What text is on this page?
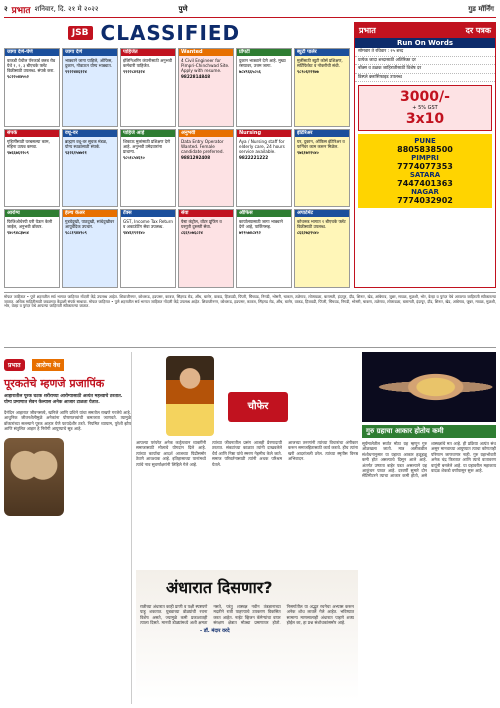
२ प्रभात शनिवार, दि. २१ मे २०२२	पुणे	गुड मॉर्निंग
JSB CLASSIFIED
जागा देणे-घेणे
वाकडी येथील पॅनकार्ड क्लब रोड येथे १, २, ३ बीएचके फ्लॅट विक्रीसाठी उपलब्ध. संपर्क करा.
९८२२०४४५५२
संपर्क
गृहिणींसाठी घरबसल्या काम, महिना उत्पन्न कमवा.
९७६६७६२२०९
आरोग्य
फिजिओथेरपी घरी येऊन केली जाईल, अनुभवी डॉक्टर.
९४०९४८३७५४
जागा देणे
भाड्याने जागा पाहिजे, ऑफिस, दुकान, गोडाऊन योग्य भाड्यात.
९९२२४४६१२४
वधू-वर
ब्राह्मण वधू-वर सूचक मंडळ, योग्य स्थळांसाठी संपर्क.
९३२६१५७७२१
हेल्थ केअर
गुडघेदुखी, पाठदुखी, सांधेदुखीवर आयुर्वेदिक उपचार.
९८८१९४४९०९
पाहिजेत
इंजिनिअरिंग कंपनीसाठी अनुभवी कर्मचारी पाहिजेत.
९९२२८४२३२४
पाहिजे आहे
शिकाऊ मुलांसाठी प्रशिक्षण देणे आहे. अनुभवी उमेदवारांना प्राधान्य.
९८५१८५४६९०
टॅक्स
GST, Income Tax Return व अकाउंटिंग सेवा उपलब्ध.
९४४६१९२१४०
Wanted
4 Civil Engineer for Pimpri-Chinchwad Site. Apply with resume.
9822814848
अनुभवी
Data Entry Operator Wanted. Female candidate preferred.
9881292408
सेवा
पेस्ट कंट्रोल, वॉटर प्रूफिंग व घरगुती दुरुस्ती सेवा.
८६६९०७६८२४
प्रॉपर्टी
दुकान भाड्याने देणे आहे. मुख्य रस्त्यावर, उत्तम जागा.
७८४९६६५८५६
Nursing
Aya / Nursing staff for elderly care, 24 hours service available.
9822221222
ऑफिस
कार्यालयासाठी जागा भाड्याने देणे आहे, पार्किंगसह.
७२९५७४८४९२
ब्युटी पार्लर
मुलींसाठी ब्युटी कोर्स प्रशिक्षण, सर्टिफिकेट व नोकरीची संधी.
९८९०६२२९७७
इंटिरिअर
घर, दुकान, ऑफिस इंटिरिअर व फर्निचर काम करून मिळेल.
९७६१७२१५४०
अपार्टमेंट
कोथरूड भागात १ बीएचके फ्लॅट विक्रीसाठी उपलब्ध.
८६६२७३९५४०
प्रभात	दर पत्रक
Run On Words
सोमवार ते रविवार : २५ शब्द
प्रत्येक जादा शब्दासाठी अतिरिक्त दर
बॉक्स व ठळक जाहिरातीसाठी विशेष दर
डिस्प्ले क्लासिफाइड उपलब्ध
3000/-
+ 5% GST
3x10
PUNE
8805838500
PIMPRI
7774077353
SATARA
7447401363
NAGAR
7774032902
मोफत जाहिरात • पुणे शहरातील सर्व भागात जाहिरात नोंदणी केंद्रे उपलब्ध आहेत. शिवाजीनगर, कोथरूड, हडपसर, कात्रज, सिंहगड रोड, औंध, बाणेर, वाकड, हिंजवडी, पिंपरी, चिंचवड, निगडी, भोसरी, चाकण, तळेगाव, लोणावळा, बारामती, इंदापूर, दौंड, शिरूर, खेड, आंबेगाव, जुन्नर, मावळ, मुळशी, भोर, वेल्हा व पुरंदर येथे आपल्या जाहिराती स्वीकारल्या जातात. अधिक माहितीसाठी जवळच्या केंद्राशी संपर्क साधावा. मोफत जाहिरात • पुणे शहरातील सर्व भागात जाहिरात नोंदणी केंद्रे उपलब्ध आहेत. शिवाजीनगर, कोथरूड, हडपसर, कात्रज, सिंहगड रोड, औंध, बाणेर, वाकड, हिंजवडी, पिंपरी, चिंचवड, निगडी, भोसरी, चाकण, तळेगाव, लोणावळा, बारामती, इंदापूर, दौंड, शिरूर, खेड, आंबेगाव, जुन्नर, मावळ, मुळशी, भोर, वेल्हा व पुरंदर येथे आपल्या जाहिराती स्वीकारल्या जातात.
प्रभात	आरोग्य वेध
पूरकतेचे म्हणजे प्रजापिंक
आहारातील पूरक घटक शरीराच्या आरोग्यासाठी अत्यंत महत्त्वाचे ठरतात. योग्य प्रमाणात सेवन केल्यास अनेक आजार टाळता येतात.
दैनंदिन आहारात जीवनसत्त्वे, खनिजे आणि प्रथिने यांचा समतोल राखणे गरजेचे आहे. आधुनिक जीवनशैलीमुळे अनेकांना पोषणतत्त्वांची कमतरता जाणवते. त्यामुळे डॉक्टरांच्या सल्ल्याने पूरक आहार घेणे फायदेशीर ठरते. नियमित व्यायाम, पुरेशी झोप आणि संतुलित आहार हे निरोगी आयुष्याचे सूत्र आहे.
चौफेर
आपल्या परंपरेत अनेक कर्तृत्ववान व्यक्तींनी समाजासाठी मोलाचे योगदान दिले आहे. त्यांच्या कार्याचा आदर्श आजच्या पिढीसमोर ठेवणे आवश्यक आहे. इतिहासाच्या पानांमध्ये त्यांचे नाव सुवर्णाक्षरांनी लिहिले गेले आहे.
त्यांच्या जीवनातील प्रसंग आजही प्रेरणादायी ठरतात. संकटांच्या काळात त्यांनी दाखवलेले धैर्य आणि निष्ठा यांचे स्मरण नेहमीच केले जाते. समाज परिवर्तनासाठी त्यांनी अथक परिश्रम घेतले.
आजच्या तरुणांनी त्यांच्या विचारांचा अंगीकार करून समाजहितासाठी कार्य करावे. हीच त्यांना खरी आदरांजली ठरेल. त्यांच्या स्मृतीस विनम्र अभिवादन.
अंधारात दिसणार?
रात्रीच्या अंधारात काही प्राणी व पक्षी स्पष्टपणे पाहू शकतात. घुबडाच्या डोळ्यांची रचना विशेष असते, ज्यामुळे कमी प्रकाशातही त्याला दिसते. मानवी डोळ्यांमध्ये अशी क्षमता नसते, परंतु शास्त्रज्ञ नवीन तंत्रज्ञानाच्या मदतीने रात्री पाहण्याचे उपकरण विकसित करत आहेत. नाईट व्हिजन कॅमेऱ्यांचा वापर संरक्षण क्षेत्रात मोठ्या प्रमाणावर होतो. निसर्गातील या अद्भुत रचनेचा अभ्यास करून अनेक शोध लावले गेले आहेत. भविष्यात सामान्य माणसालाही अंधारात पाहणे शक्य होईल का, हा प्रश्न संशोधकांसमोर आहे.
गुरु ग्रहाचा आकार होतोय कमी
सूर्यमालेतील सर्वात मोठा ग्रह म्हणून गुरु ओळखला जातो. मात्र अलीकडील संशोधनानुसार या ग्रहाचा आकार हळूहळू कमी होत असल्याचे दिसून आले आहे. अंतर्गत उष्णता बाहेर पडत असल्याने ग्रह आकुंचन पावत आहे. दरवर्षी सुमारे दोन सेंटिमीटरने त्याचा आकार कमी होतो, असे शास्त्रज्ञांचे मत आहे. ही प्रक्रिया अत्यंत संथ असून मानवाच्या आयुष्यात त्याचा कोणताही परिणाम जाणवणार नाही. गुरु ग्रहाभोवती अनेक चंद्र फिरतात आणि त्याचे वातावरण वायूंनी बनलेले आहे. या ग्रहावरील महाकाय वादळ शेकडो वर्षांपासून सुरू आहे.
- डॉ. मंदार वरदे
